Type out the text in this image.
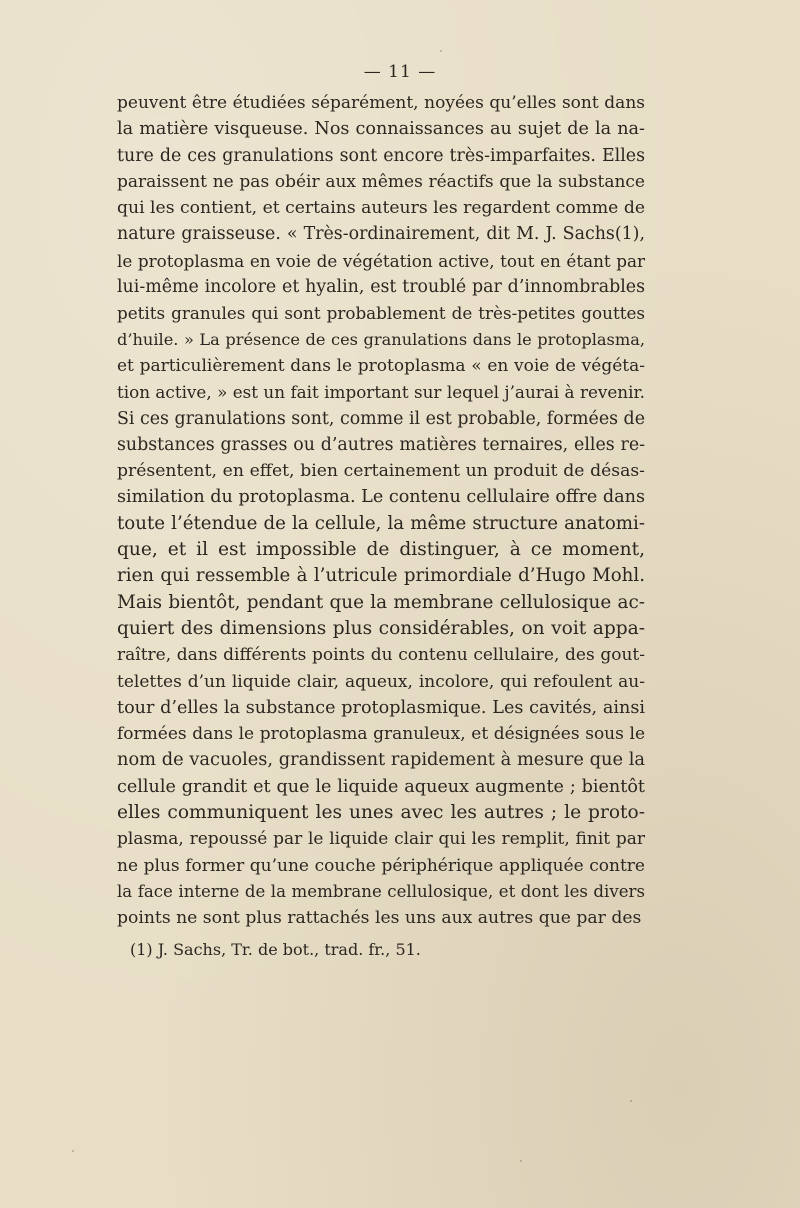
— 11 —
peuvent être étudiées séparément, noyées qu’elles sont dans
la matière visqueuse. Nos connaissances au sujet de la na-
ture de ces granulations sont encore très-imparfaites. Elles
paraissent ne pas obéir aux mêmes réactifs que la substance
qui les contient, et certains auteurs les regardent comme de
nature graisseuse. « Très-ordinairement, dit M. J. Sachs(1),
le protoplasma en voie de végétation active, tout en étant par
lui-même incolore et hyalin, est troublé par d’innombrables
petits granules qui sont probablement de très-petites gouttes
d’huile. » La présence de ces granulations dans le protoplasma,
et particulièrement dans le protoplasma « en voie de végéta-
tion active, » est un fait important sur lequel j’aurai à revenir.
Si ces granulations sont, comme il est probable, formées de
substances grasses ou d’autres matières ternaires, elles re-
présentent, en effet, bien certainement un produit de désas-
similation du protoplasma. Le contenu cellulaire offre dans
toute l’étendue de la cellule, la même structure anatomi-
que, et il est impossible de distinguer, à ce moment,
rien qui ressemble à l’utricule primordiale d’Hugo Mohl.
Mais bientôt, pendant que la membrane cellulosique ac-
quiert des dimensions plus considérables, on voit appa-
raître, dans différents points du contenu cellulaire, des gout-
telettes d’un liquide clair, aqueux, incolore, qui refoulent au-
tour d’elles la substance protoplasmique. Les cavités, ainsi
formées dans le protoplasma granuleux, et désignées sous le
nom de vacuoles, grandissent rapidement à mesure que la
cellule grandit et que le liquide aqueux augmente ; bientôt
elles communiquent les unes avec les autres ; le proto-
plasma, repoussé par le liquide clair qui les remplit, finit par
ne plus former qu’une couche périphérique appliquée contre
la face interne de la membrane cellulosique, et dont les divers
points ne sont plus rattachés les uns aux autres que par des
(1) J. Sachs, Tr. de bot., trad. fr., 51.
